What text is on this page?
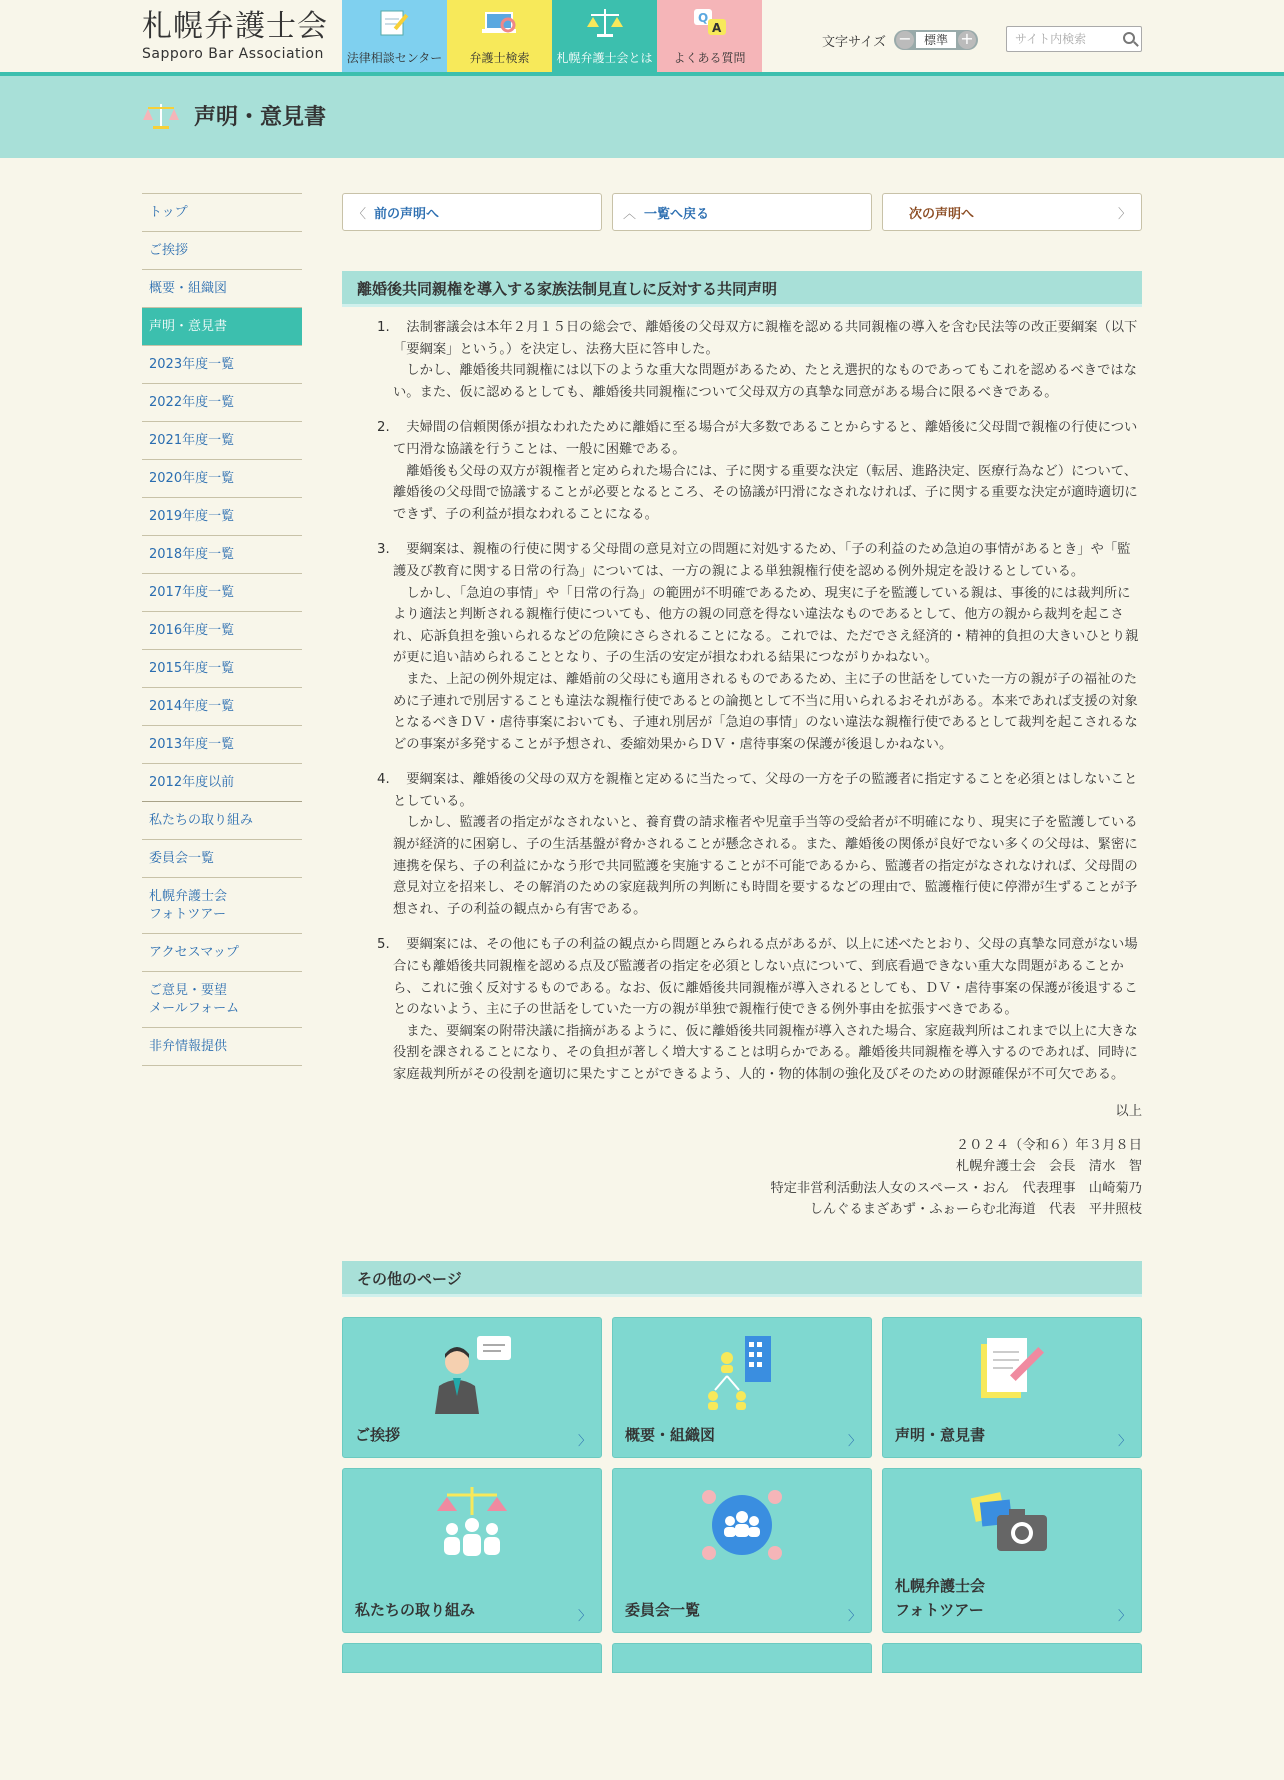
札幌弁護士会
Sapporo Bar Association	法律相談センター 弁護士検索 札幌弁護士会とは
Q
A
よくある質問
文字サイズ −	標準 +
サイト内検索
声明・意見書
トップ
ご挨拶
概要・組織図
声明・意見書
2023年度一覧
2022年度一覧
2021年度一覧
2020年度一覧
2019年度一覧
2018年度一覧
2017年度一覧
2016年度一覧
2015年度一覧
2014年度一覧
2013年度一覧
2012年度以前
私たちの取り組み
委員会一覧
札幌弁護士会
フォトツアー
アクセスマップ
ご意見・要望
メールフォーム
非弁情報提供
〈 前の声明へ	︿ 一覧へ戻る	次の声明へ	〉
離婚後共同親権を導入する家族法制見直しに反対する共同声明
1. 　法制審議会は本年２月１５日の総会で、離婚後の父母双方に親権を認める共同親権の導入を含む民法等の改正要綱案（以下「要綱案」という。）を決定し、法務大臣に答申した。

　しかし、離婚後共同親権には以下のような重大な問題があるため、たとえ選択的なものであってもこれを認めるべきではない。また、仮に認めるとしても、離婚後共同親権について父母双方の真摯な同意がある場合に限るべきである。

2. 　夫婦間の信頼関係が損なわれたために離婚に至る場合が大多数であることからすると、離婚後に父母間で親権の行使について円滑な協議を行うことは、一般に困難である。

　離婚後も父母の双方が親権者と定められた場合には、子に関する重要な決定（転居、進路決定、医療行為など）について、離婚後の父母間で協議することが必要となるところ、その協議が円滑になされなければ、子に関する重要な決定が適時適切にできず、子の利益が損なわれることになる。

3. 　要綱案は、親権の行使に関する父母間の意見対立の問題に対処するため、「子の利益のため急迫の事情があるとき」や「監護及び教育に関する日常の行為」については、一方の親による単独親権行使を認める例外規定を設けるとしている。

　しかし、「急迫の事情」や「日常の行為」の範囲が不明確であるため、現実に子を監護している親は、事後的には裁判所により適法と判断される親権行使についても、他方の親の同意を得ない違法なものであるとして、他方の親から裁判を起こされ、応訴負担を強いられるなどの危険にさらされることになる。これでは、ただでさえ経済的・精神的負担の大きいひとり親が更に追い詰められることとなり、子の生活の安定が損なわれる結果につながりかねない。

　また、上記の例外規定は、離婚前の父母にも適用されるものであるため、主に子の世話をしていた一方の親が子の福祉のために子連れで別居することも違法な親権行使であるとの論拠として不当に用いられるおそれがある。本来であれば支援の対象となるべきＤＶ・虐待事案においても、子連れ別居が「急迫の事情」のない違法な親権行使であるとして裁判を起こされるなどの事案が多発することが予想され、委縮効果からＤＶ・虐待事案の保護が後退しかねない。

4. 　要綱案は、離婚後の父母の双方を親権と定めるに当たって、父母の一方を子の監護者に指定することを必須とはしないこととしている。

　しかし、監護者の指定がなされないと、養育費の請求権者や児童手当等の受給者が不明確になり、現実に子を監護している親が経済的に困窮し、子の生活基盤が脅かされることが懸念される。また、離婚後の関係が良好でない多くの父母は、緊密に連携を保ち、子の利益にかなう形で共同監護を実施することが不可能であるから、監護者の指定がなされなければ、父母間の意見対立を招来し、その解消のための家庭裁判所の判断にも時間を要するなどの理由で、監護権行使に停滞が生ずることが予想され、子の利益の観点から有害である。

5. 　要綱案には、その他にも子の利益の観点から問題とみられる点があるが、以上に述べたとおり、父母の真摯な同意がない場合にも離婚後共同親権を認める点及び監護者の指定を必須としない点について、到底看過できない重大な問題があることから、これに強く反対するものである。なお、仮に離婚後共同親権が導入されるとしても、ＤＶ・虐待事案の保護が後退することのないよう、主に子の世話をしていた一方の親が単独で親権行使できる例外事由を拡張すべきである。

　また、要綱案の附帯決議に指摘があるように、仮に離婚後共同親権が導入された場合、家庭裁判所はこれまで以上に大きな役割を課されることになり、その負担が著しく増大することは明らかである。離婚後共同親権を導入するのであれば、同時に家庭裁判所がその役割を適切に果たすことができるよう、人的・物的体制の強化及びそのための財源確保が不可欠である。

以上
２０２４（令和６）年３月８日
札幌弁護士会　会長　清水　智
特定非営利活動法人女のスペース・おん　代表理事　山崎菊乃
しんぐるまざあず・ふぉーらむ北海道　代表　平井照枝
その他のページ
ご挨拶	〉 概要・組織図	〉 声明・意見書	〉
私たちの取り組み	〉 委員会一覧	〉
札幌弁護士会
フォトツアー	〉
